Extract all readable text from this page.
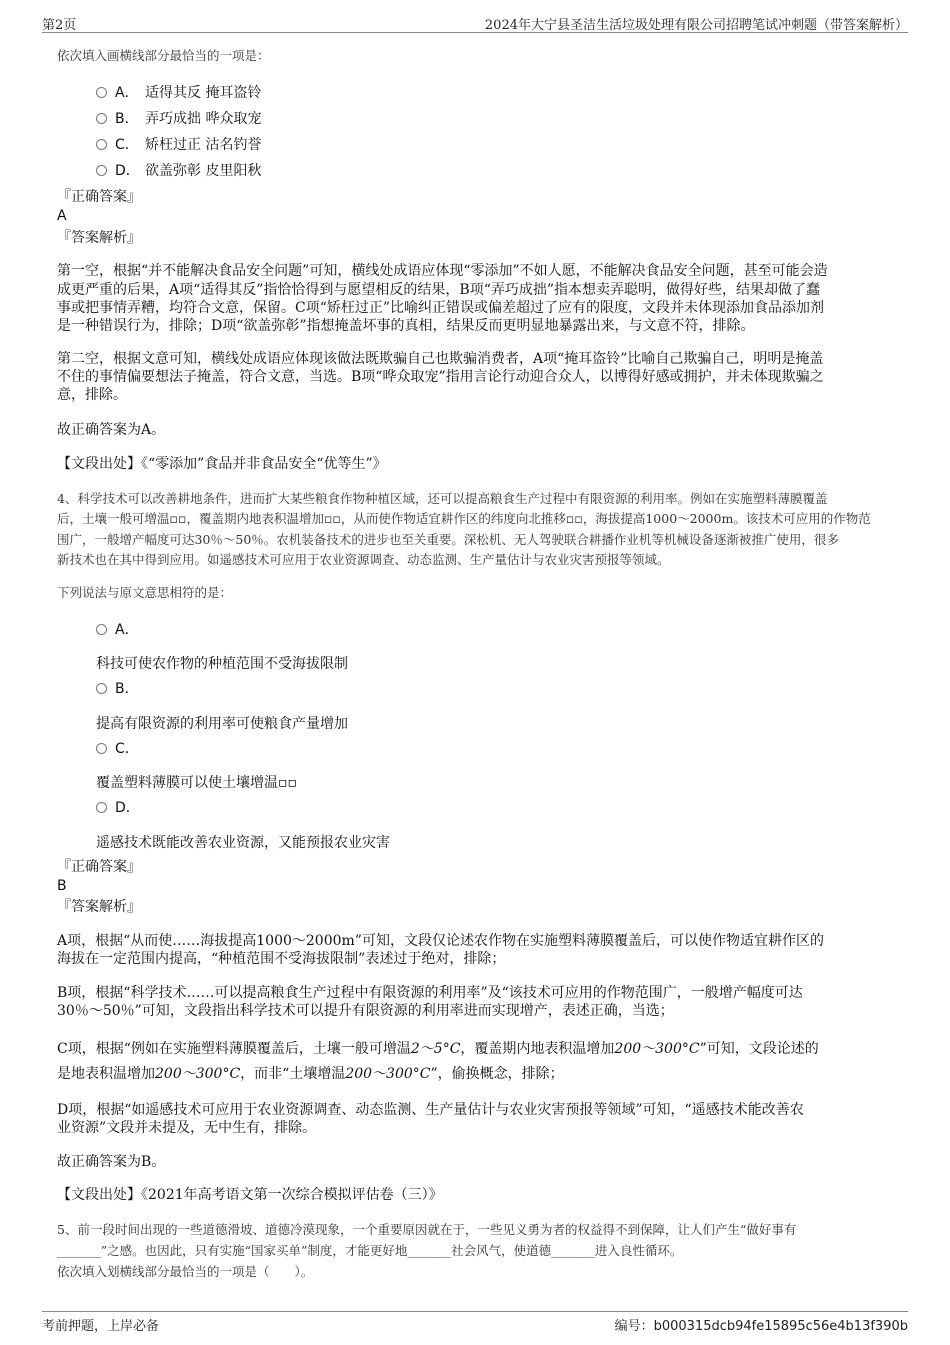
第2页	2024年大宁县圣洁生活垃圾处理有限公司招聘笔试冲刺题（带答案解析）
依次填入画横线部分最恰当的一项是：
A． 适得其反 掩耳盗铃
B． 弄巧成拙 哗众取宠
C． 矫枉过正 沽名钓誉
D． 欲盖弥彰 皮里阳秋
『正确答案』
A
『答案解析』
第一空，根据“并不能解决食品安全问题”可知，横线处成语应体现“零添加”不如人愿，不能解决食品安全问题，甚至可能会造
成更严重的后果，A项“适得其反”指恰恰得到与愿望相反的结果，B项“弄巧成拙”指本想卖弄聪明，做得好些，结果却做了蠢
事或把事情弄糟，均符合文意，保留。C项“矫枉过正”比喻纠正错误或偏差超过了应有的限度，文段并未体现添加食品添加剂
是一种错误行为，排除；D项“欲盖弥彰”指想掩盖坏事的真相，结果反而更明显地暴露出来，与文意不符，排除。
第二空，根据文意可知，横线处成语应体现该做法既欺骗自己也欺骗消费者，A项“掩耳盗铃”比喻自己欺骗自己，明明是掩盖
不住的事情偏要想法子掩盖，符合文意，当选。B项“哗众取宠”指用言论行动迎合众人，以博得好感或拥护，并未体现欺骗之
意，排除。
故正确答案为A。
【文段出处】《“零添加”食品并非食品安全“优等生”》
4、科学技术可以改善耕地条件，进而扩大某些粮食作物种植区域，还可以提高粮食生产过程中有限资源的利用率。例如在实施塑料薄膜覆盖
后，土壤一般可增温▫▫，覆盖期内地表积温增加▫▫，从而使作物适宜耕作区的纬度向北推移▫▫，海拔提高1000～2000m。该技术可应用的作物范
围广，一般增产幅度可达30％～50％。农机装备技术的进步也至关重要。深松机、无人驾驶联合耕播作业机等机械设备逐渐被推广使用，很多
新技术也在其中得到应用。如遥感技术可应用于农业资源调查、动态监测、生产量估计与农业灾害预报等领域。
下列说法与原文意思相符的是：
A．
科技可使农作物的种植范围不受海拔限制
B．
提高有限资源的利用率可使粮食产量增加
C．
覆盖塑料薄膜可以使土壤增温▫▫
D．
遥感技术既能改善农业资源，又能预报农业灾害
『正确答案』
B
『答案解析』
A项，根据“从而使……海拔提高1000～2000m”可知，文段仅论述农作物在实施塑料薄膜覆盖后，可以使作物适宜耕作区的
海拔在一定范围内提高，“种植范围不受海拔限制”表述过于绝对，排除；
B项，根据“科学技术……可以提高粮食生产过程中有限资源的利用率”及“该技术可应用的作物范围广，一般增产幅度可达
30％～50％”可知，文段指出科学技术可以提升有限资源的利用率进而实现增产，表述正确，当选；
C项，根据“例如在实施塑料薄膜覆盖后，土壤一般可增温2～5°C，覆盖期内地表积温增加200～300°C”可知，文段论述的
是地表积温增加200～300°C，而非“土壤增温200～300°C”，偷换概念，排除；
D项，根据“如遥感技术可应用于农业资源调查、动态监测、生产量估计与农业灾害预报等领域”可知，“遥感技术能改善农
业资源”文段并未提及，无中生有，排除。
故正确答案为B。
【文段出处】《2021年高考语文第一次综合模拟评估卷（三）》
5、前一段时间出现的一些道德滑坡、道德冷漠现象，一个重要原因就在于，一些见义勇为者的权益得不到保障，让人们产生“做好事有
_______”之感。也因此，只有实施“国家买单”制度，才能更好地_______社会风气，使道德_______进入良性循环。
依次填入划横线部分最恰当的一项是（　　）。
考前押题，上岸必备	编号：b000315dcb94fe15895c56e4b13f390b
